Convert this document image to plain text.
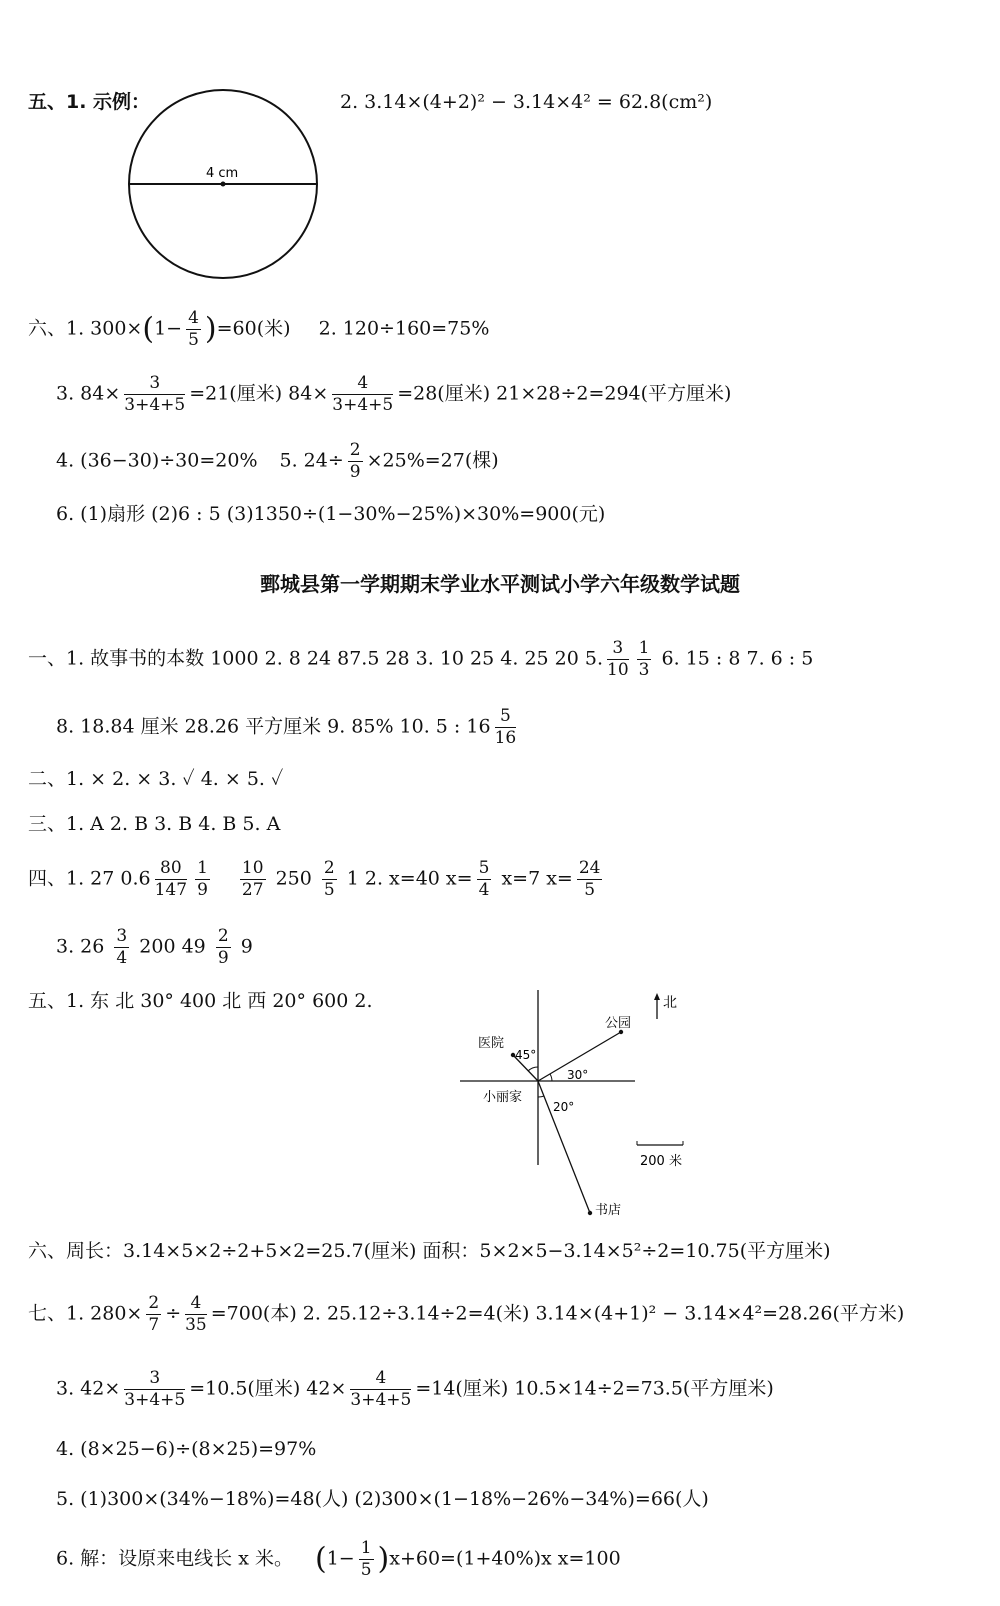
五、1. 示例：
4 cm
2. 3.14×(4+2)² − 3.14×4² = 62.8(cm²)
六、1. $300\times(1- \frac{4}{5} )=60$(米) 2. 120÷160=75%
3. $84\times \frac{3}{3+4+5} =21$(厘米) $84\times \frac{4}{3+4+5} =28$(厘米) 21×28÷2=294(平方厘米)
4. (36−30)÷30=20% 5. $24\div \frac{2}{9} \times 25\%=27$(棵)
6. (1)扇形 (2)6 : 5 (3)1350÷(1−30%−25%)×30%=900(元)
鄄城县第一学期期末学业水平测试小学六年级数学试题
一、1. 故事书的本数 1000 2. 8 24 87.5 28 3. 10 25 4. 25 20 5. $\frac{3}{10} \frac{1}{3} 6$. 15 : 8 7. 6 : 5
8. 18.84 厘米 28.26 平方厘米 9. 85% 10. 5 : $16 \frac{5}{16}$
二、1. × 2. × 3. ✓ 4. × 5. ✓
三、1. A 2. B 3. B 4. B 5. A
四、1. 27 $0.6 \frac{80}{147} \frac{1}{9} \frac{10}{27} 250 \frac{2}{5} 1$ 2. x=40 $x= \frac{5}{4} x=7$ $x= \frac{24}{5}$
3. $26 \frac{3}{4} 200$ $49 \frac{2}{9} 9$
五、1. 东 北 30° 400 北 西 20° 600 2.	北
公园
医院
45°
30°
小丽家
20°
书店
200 米
六、周长：3.14×5×2÷2+5×2=25.7(厘米) 面积：5×2×5−3.14×5²÷2=10.75(平方厘米)
七、1. $280\times \frac{2}{7} \div \frac{4}{35} =700$(本) 2. 25.12÷3.14÷2=4(米) 3.14×(4+1)² − 3.14×4²=28.26(平方米)
3. $42\times \frac{3}{3+4+5} =10.5$(厘米) $42\times \frac{4}{3+4+5} =14$(厘米) 10.5×14÷2=73.5(平方厘米)
4. (8×25−6)÷(8×25)=97%
5. (1)300×(34%−18%)=48(人) (2)300×(1−18%−26%−34%)=66(人)
6. 解：设原来电线长 x 米。 $(1- \frac{1}{5} )x+60=(1+40\%)x$ x=100
